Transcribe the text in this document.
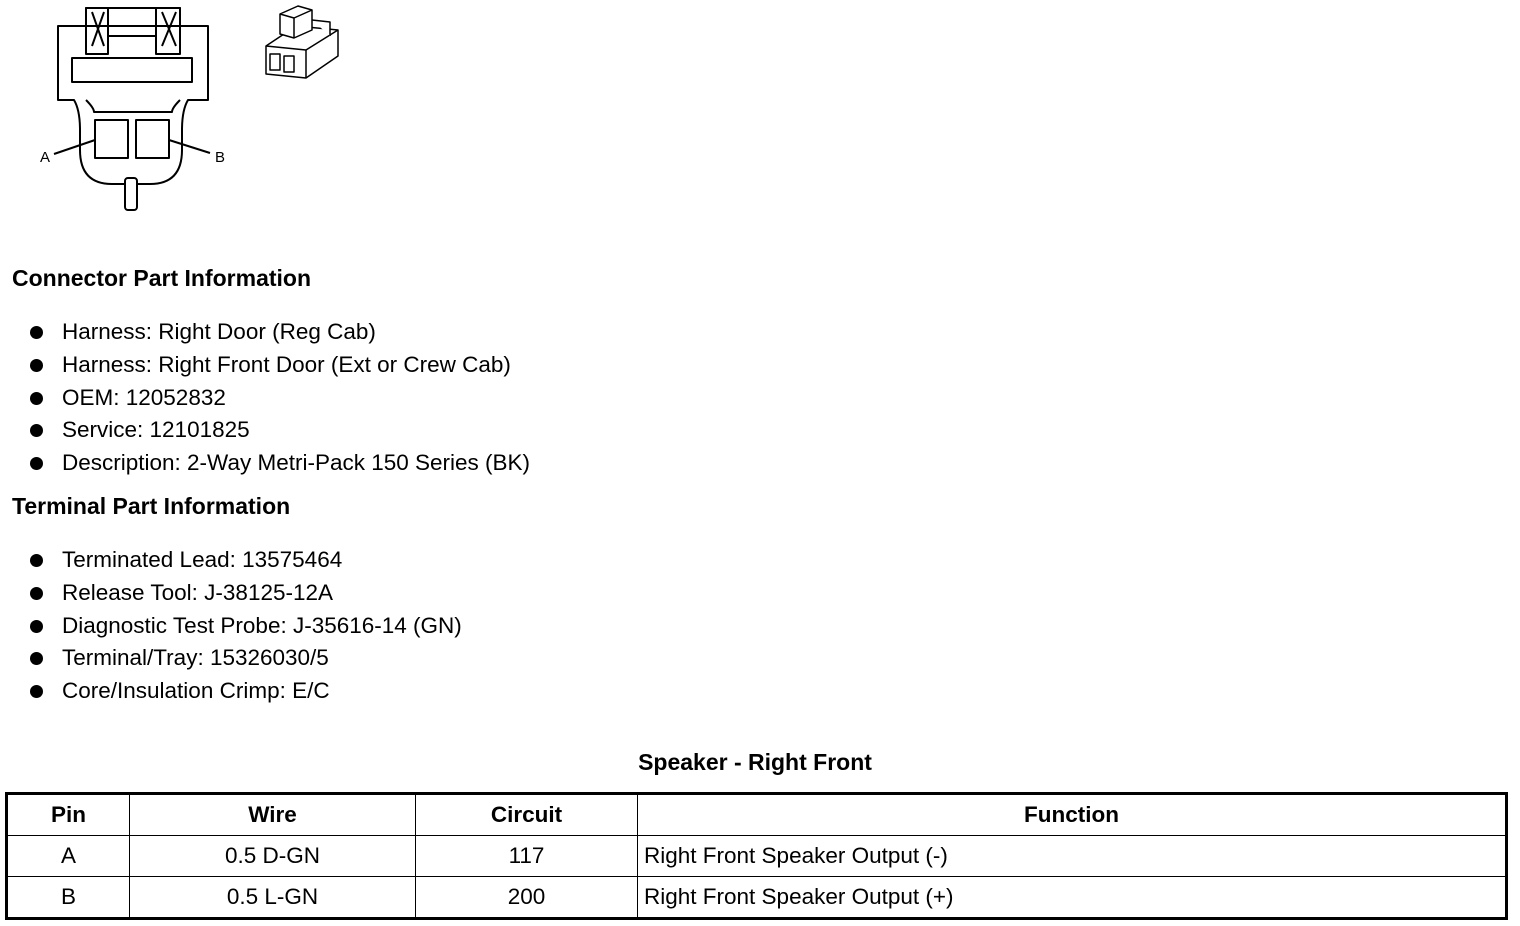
A	B
Connector Part Information
Harness: Right Door (Reg Cab)
Harness: Right Front Door (Ext or Crew Cab)
OEM: 12052832
Service: 12101825
Description: 2-Way Metri-Pack 150 Series (BK)
Terminal Part Information
Terminated Lead: 13575464
Release Tool: J-38125-12A
Diagnostic Test Probe: J-35616-14 (GN)
Terminal/Tray: 15326030/5
Core/Insulation Crimp: E/C
Speaker - Right Front
Pin	Wire	Circuit	Function
A	0.5 D-GN	117	Right Front Speaker Output (-)
B	0.5 L-GN	200	Right Front Speaker Output (+)
